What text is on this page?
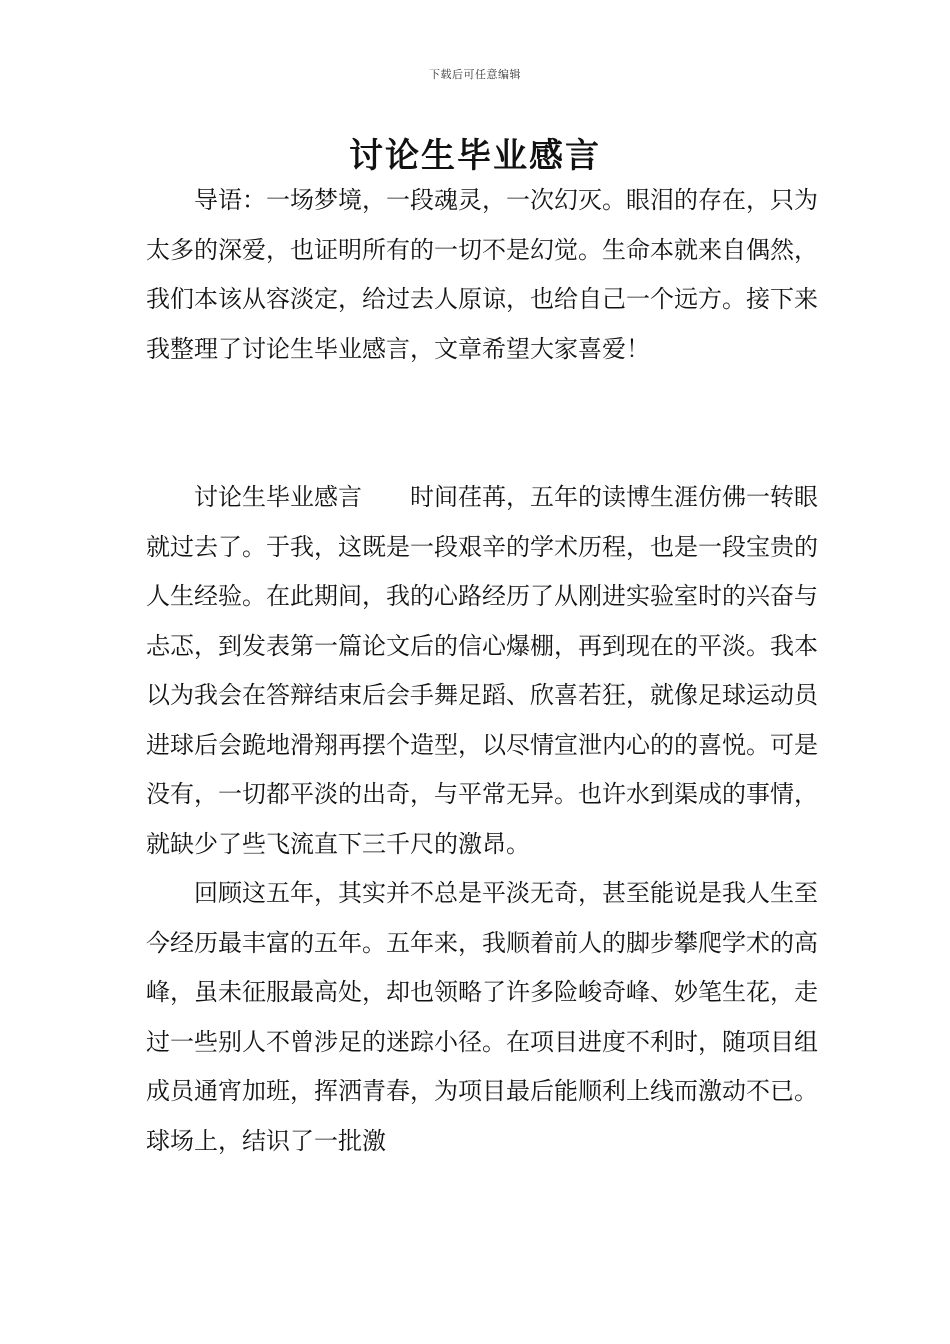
下载后可任意编辑
讨论生毕业感言

导语：一场梦境，一段魂灵，一次幻灭。眼泪的存在，只为太多的深爱，也证明所有的一切不是幻觉。生命本就来自偶然，我们本该从容淡定，给过去人原谅，也给自己一个远方。接下来我整理了讨论生毕业感言，文章希望大家喜爱！

讨论生毕业感言　　时间荏苒，五年的读博生涯仿佛一转眼就过去了。于我，这既是一段艰辛的学术历程，也是一段宝贵的人生经验。在此期间，我的心路经历了从刚进实验室时的兴奋与忐忑，到发表第一篇论文后的信心爆棚，再到现在的平淡。我本以为我会在答辩结束后会手舞足蹈、欣喜若狂，就像足球运动员进球后会跪地滑翔再摆个造型，以尽情宣泄内心的的喜悦。可是没有，一切都平淡的出奇，与平常无异。也许水到渠成的事情，就缺少了些飞流直下三千尺的激昂。

回顾这五年，其实并不总是平淡无奇，甚至能说是我人生至今经历最丰富的五年。五年来，我顺着前人的脚步攀爬学术的高峰，虽未征服最高处，却也领略了许多险峻奇峰、妙笔生花，走过一些别人不曾涉足的迷踪小径。在项目进度不利时，随项目组成员通宵加班，挥洒青春，为项目最后能顺利上线而激动不已。球场上，结识了一批激
